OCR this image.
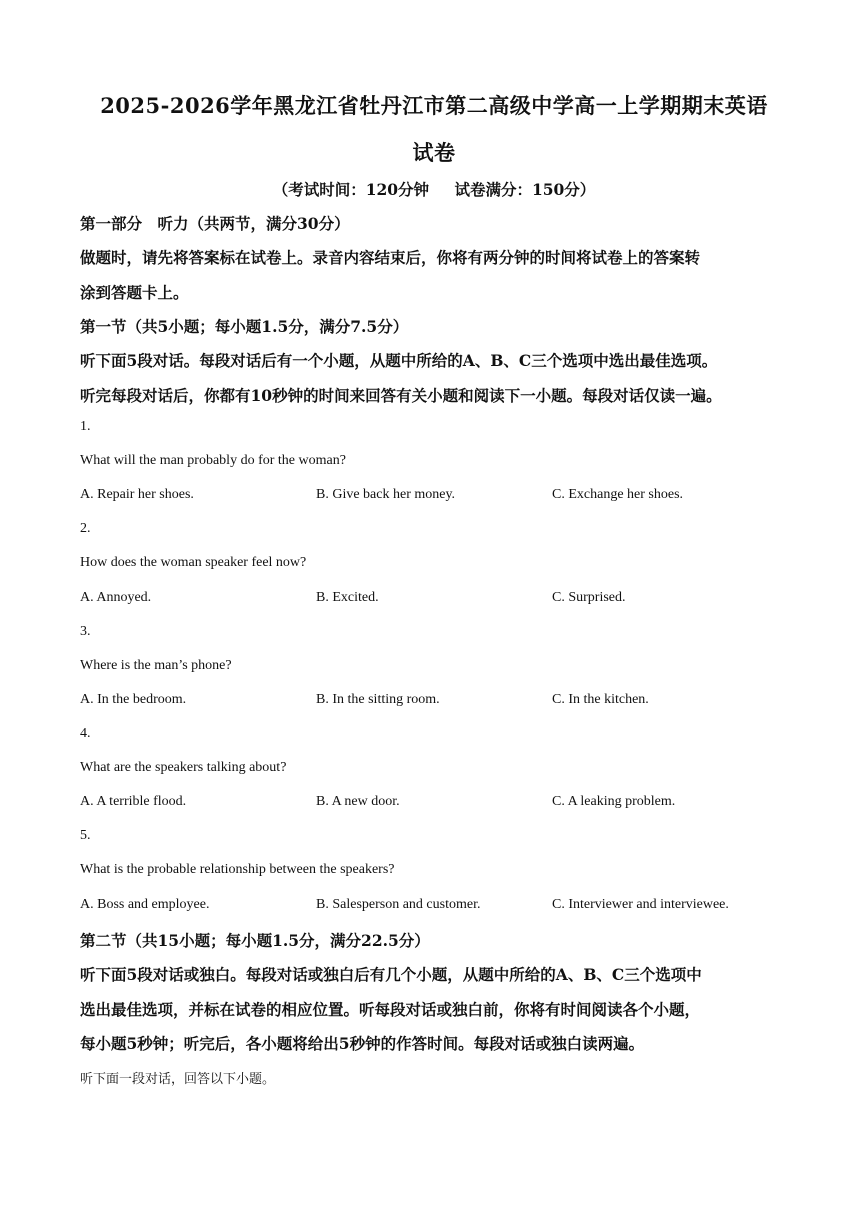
2025-2026学年黑龙江省牡丹江市第二高级中学高一上学期期末英语
试卷
（考试时间：120分钟 试卷满分：150分）
第一部分　听力（共两节，满分30分）
做题时，请先将答案标在试卷上。录音内容结束后，你将有两分钟的时间将试卷上的答案转
涂到答题卡上。
第一节（共5小题；每小题1.5分，满分7.5分）
听下面5段对话。每段对话后有一个小题，从题中所给的A、B、C三个选项中选出最佳选项。
听完每段对话后，你都有10秒钟的时间来回答有关小题和阅读下一小题。每段对话仅读一遍。
1.
What will the man probably do for the woman?
A. Repair her shoes.	B. Give back her money.	C. Exchange her shoes.
2.
How does the woman speaker feel now?
A. Annoyed.	B. Excited.	C. Surprised.
3.
Where is the man’s phone?
A. In the bedroom.	B. In the sitting room.	C. In the kitchen.
4.
What are the speakers talking about?
A. A terrible flood.	B. A new door.	C. A leaking problem.
5.
What is the probable relationship between the speakers?
A. Boss and employee.	B. Salesperson and customer.	C. Interviewer and interviewee.
第二节（共15小题；每小题1.5分，满分22.5分）
听下面5段对话或独白。每段对话或独白后有几个小题，从题中所给的A、B、C三个选项中
选出最佳选项，并标在试卷的相应位置。听每段对话或独白前，你将有时间阅读各个小题，
每小题5秒钟；听完后，各小题将给出5秒钟的作答时间。每段对话或独白读两遍。
听下面一段对话，回答以下小题。
